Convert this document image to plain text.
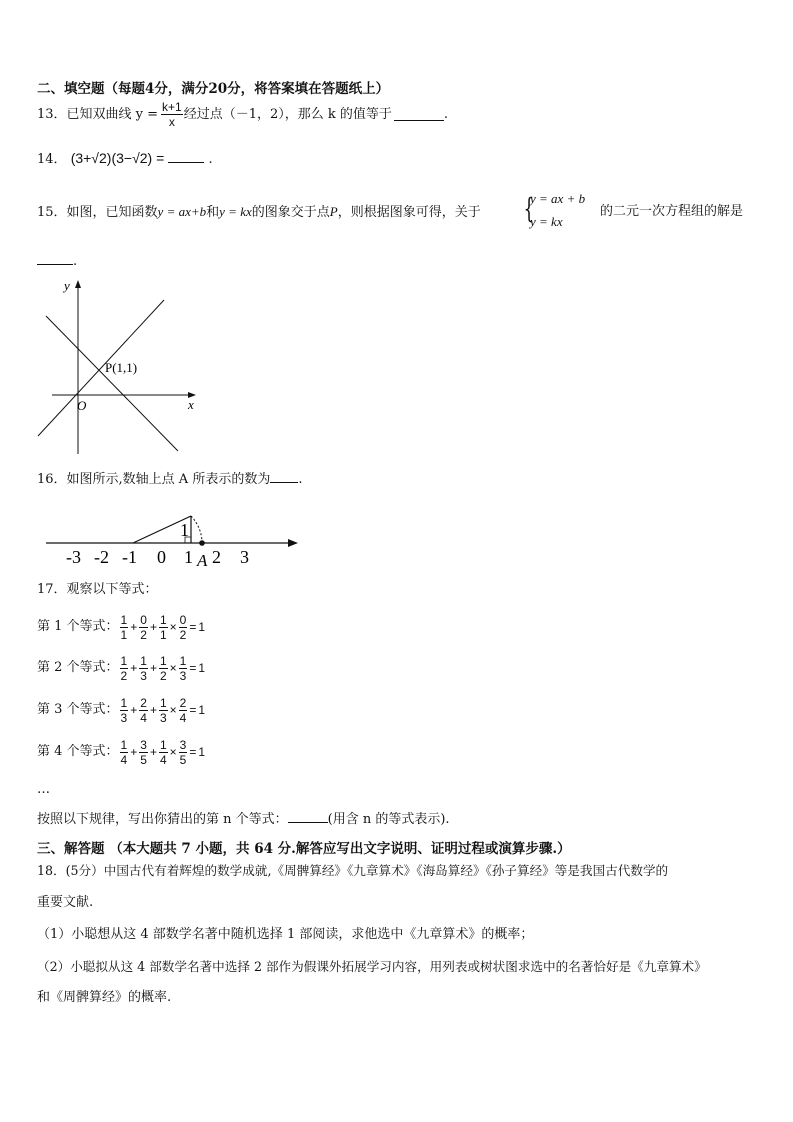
二、填空题（每题4分，满分20分，将答案填在答题纸上）
13．已知双曲线 $y = \frac{k+1}{x}$ 经过点（－1，2），那么 k 的值等于	.
14． (3+√2)(3−√2) =	.
15．如图，已知函数y = ax+b和y = kx的图象交于点P，则根据图象可得，关于 {
y = ax + b
y = kx
的二元一次方程组的解是
.
y
x
O
P(1,1)
16．如图所示,数轴上点 A 所表示的数为 .
1
A
-3 -2 -1 0 1 2 3
17．观察以下等式：
第 1 个等式： $\frac{1}{1} + \frac{0}{2} + \frac{1}{1} \times \frac{0}{2} = 1$
第 2 个等式： $\frac{1}{2} + \frac{1}{3} + \frac{1}{2} \times \frac{1}{3} = 1$
第 3 个等式： $\frac{1}{3} + \frac{2}{4} + \frac{1}{3} \times \frac{2}{4} = 1$
第 4 个等式： $\frac{1}{4} + \frac{3}{5} + \frac{1}{4} \times \frac{3}{5} = 1$
…
按照以下规律，写出你猜出的第 n 个等式：	(用含 n 的等式表示).
三、解答题 （本大题共 7 小题，共 64 分.解答应写出文字说明、证明过程或演算步骤.）
18．(5分）中国古代有着辉煌的数学成就,《周髀算经》《九章算术》《海岛算经》《孙子算经》等是我国古代数学的
重要文献.
（1）小聪想从这 4 部数学名著中随机选择 1 部阅读，求他选中《九章算术》的概率；
（2）小聪拟从这 4 部数学名著中选择 2 部作为假课外拓展学习内容，用列表或树状图求选中的名著恰好是《九章算术》
和《周髀算经》的概率.
